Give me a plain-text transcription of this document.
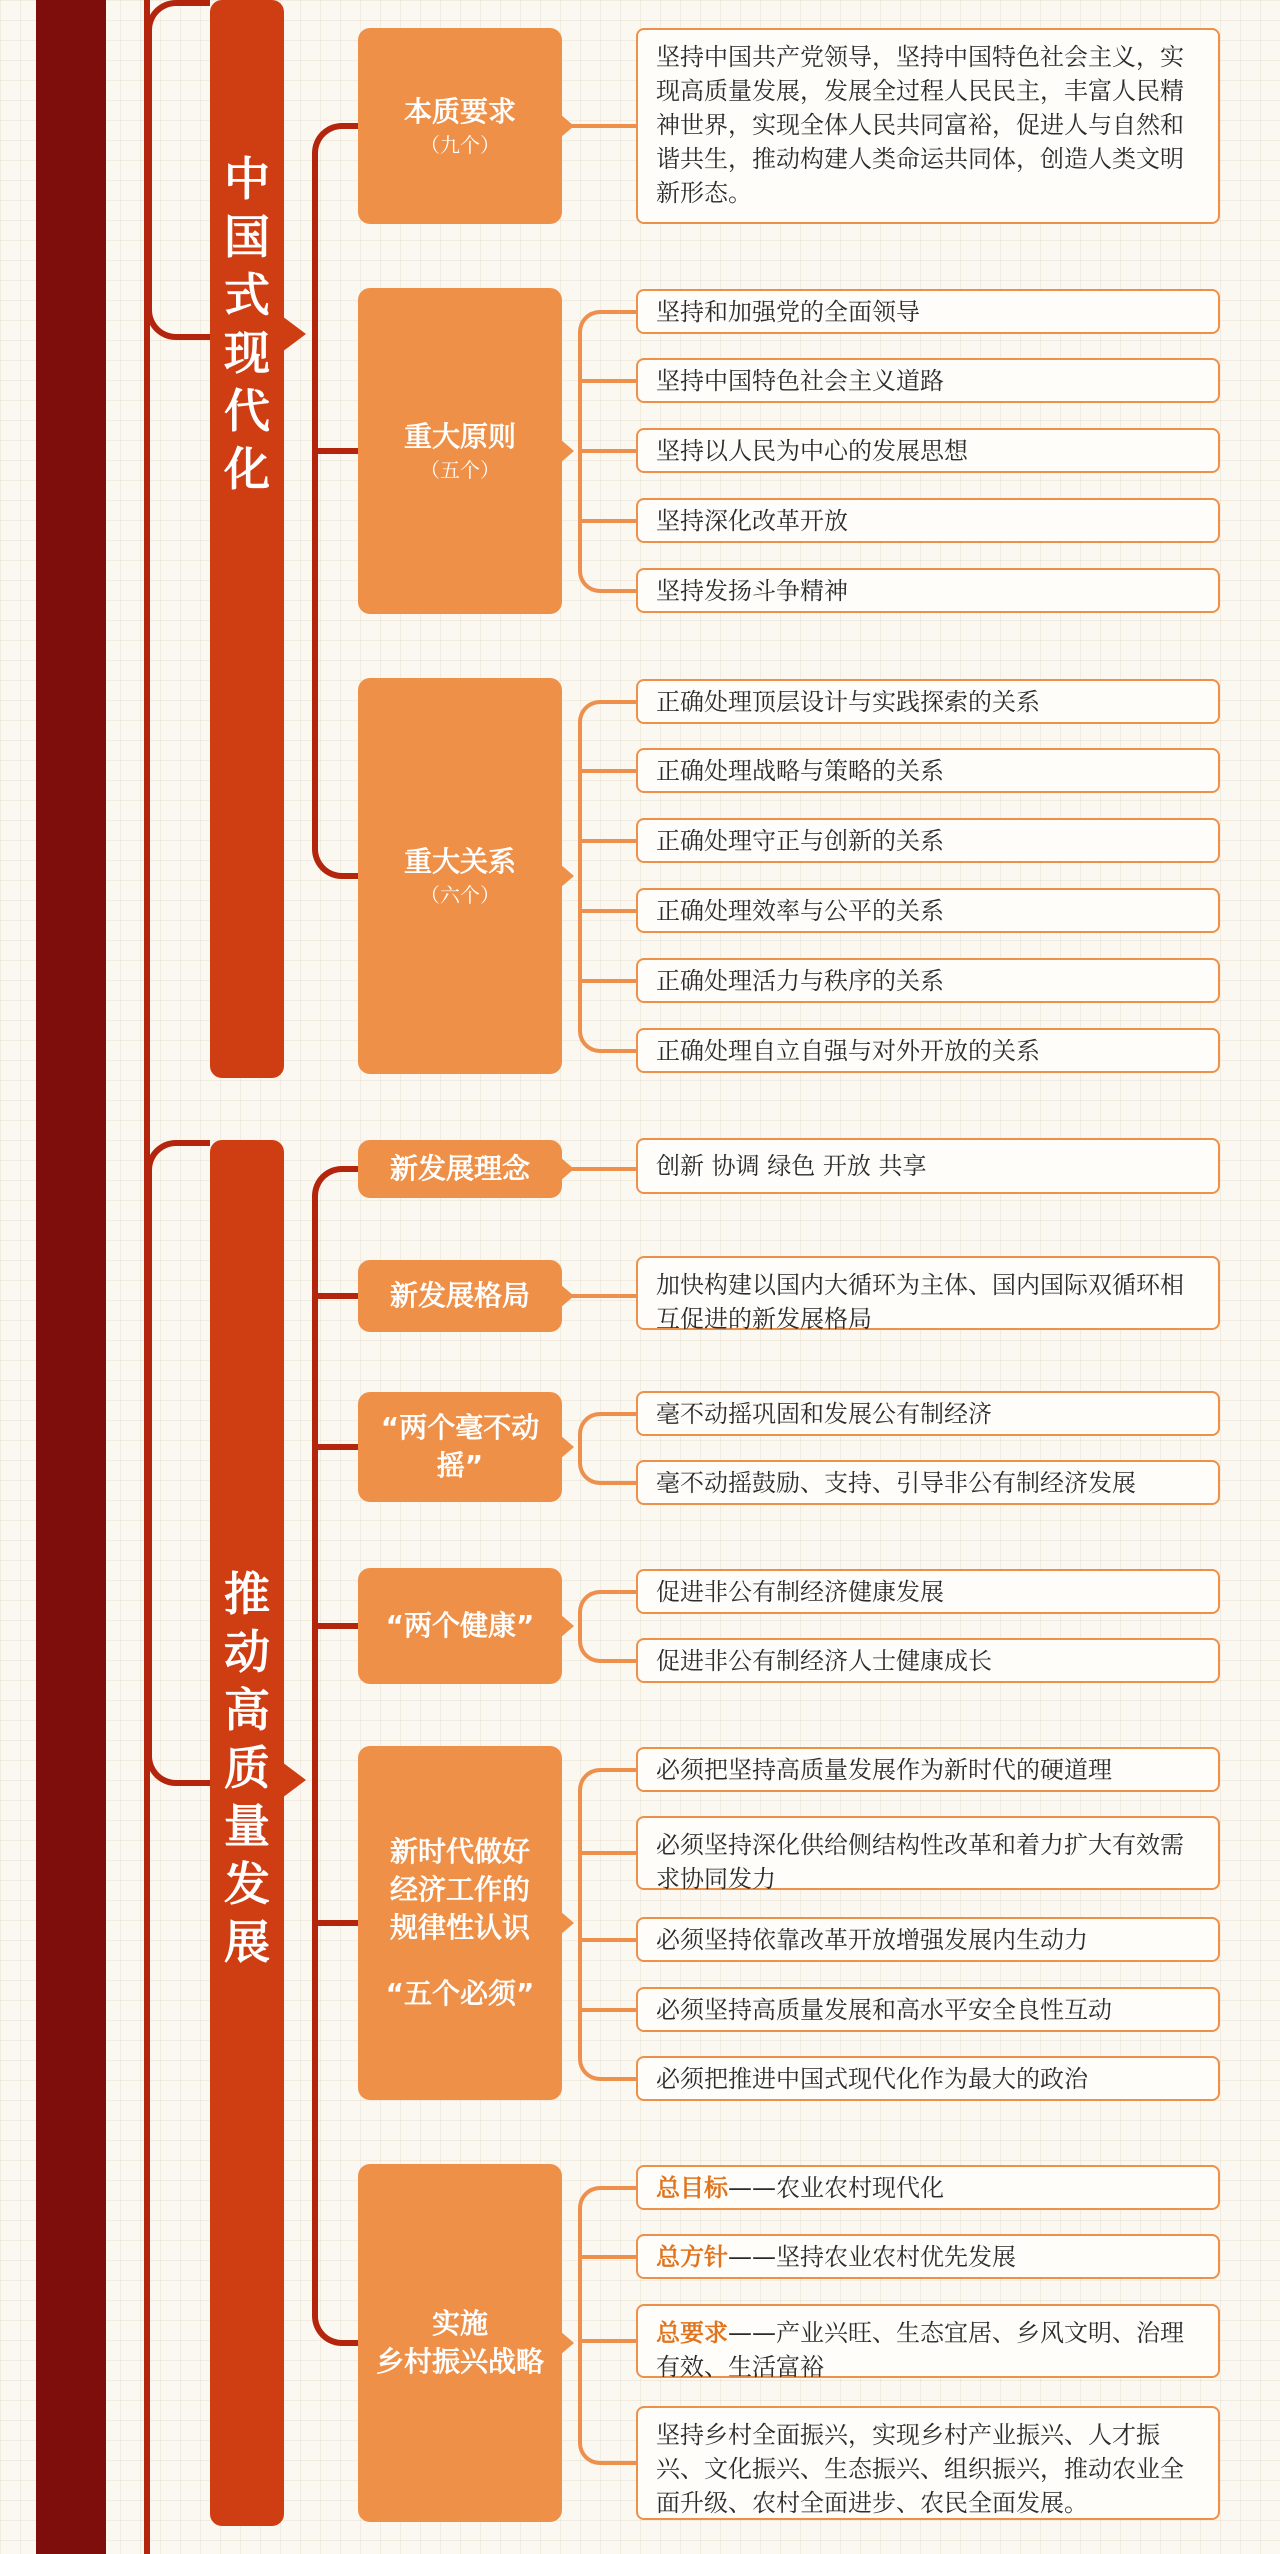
中
国
式
现
代
化
本质要求
（九个）
坚持中国共产党领导，坚持中国特色社会主义，实现高质量发展，发展全过程人民民主，丰富人民精神世界，实现全体人民共同富裕，促进人与自然和谐共生，推动构建人类命运共同体，创造人类文明新形态。
重大原则
（五个）
坚持和加强党的全面领导
坚持中国特色社会主义道路
坚持以人民为中心的发展思想
坚持深化改革开放
坚持发扬斗争精神
重大关系
（六个）
正确处理顶层设计与实践探索的关系
正确处理战略与策略的关系
正确处理守正与创新的关系
正确处理效率与公平的关系
正确处理活力与秩序的关系
正确处理自立自强与对外开放的关系
推
动
高
质
量
发
展
新发展理念	创新 协调 绿色 开放 共享
新发展格局	加快构建以国内大循环为主体、国内国际双循环相互促进的新发展格局
“两个毫不动摇”
毫不动摇巩固和发展公有制经济
毫不动摇鼓励、支持、引导非公有制经济发展
“两个健康”
促进非公有制经济健康发展
促进非公有制经济人士健康成长
新时代做好经济工作的规律性认识
“五个必须”
必须把坚持高质量发展作为新时代的硬道理
必须坚持深化供给侧结构性改革和着力扩大有效需求协同发力
必须坚持依靠改革开放增强发展内生动力
必须坚持高质量发展和高水平安全良性互动
必须把推进中国式现代化作为最大的政治
实施
乡村振兴战略
总目标——农业农村现代化
总方针——坚持农业农村优先发展
总要求——产业兴旺、生态宜居、乡风文明、治理有效、生活富裕
坚持乡村全面振兴，实现乡村产业振兴、人才振兴、文化振兴、生态振兴、组织振兴，推动农业全面升级、农村全面进步、农民全面发展。
